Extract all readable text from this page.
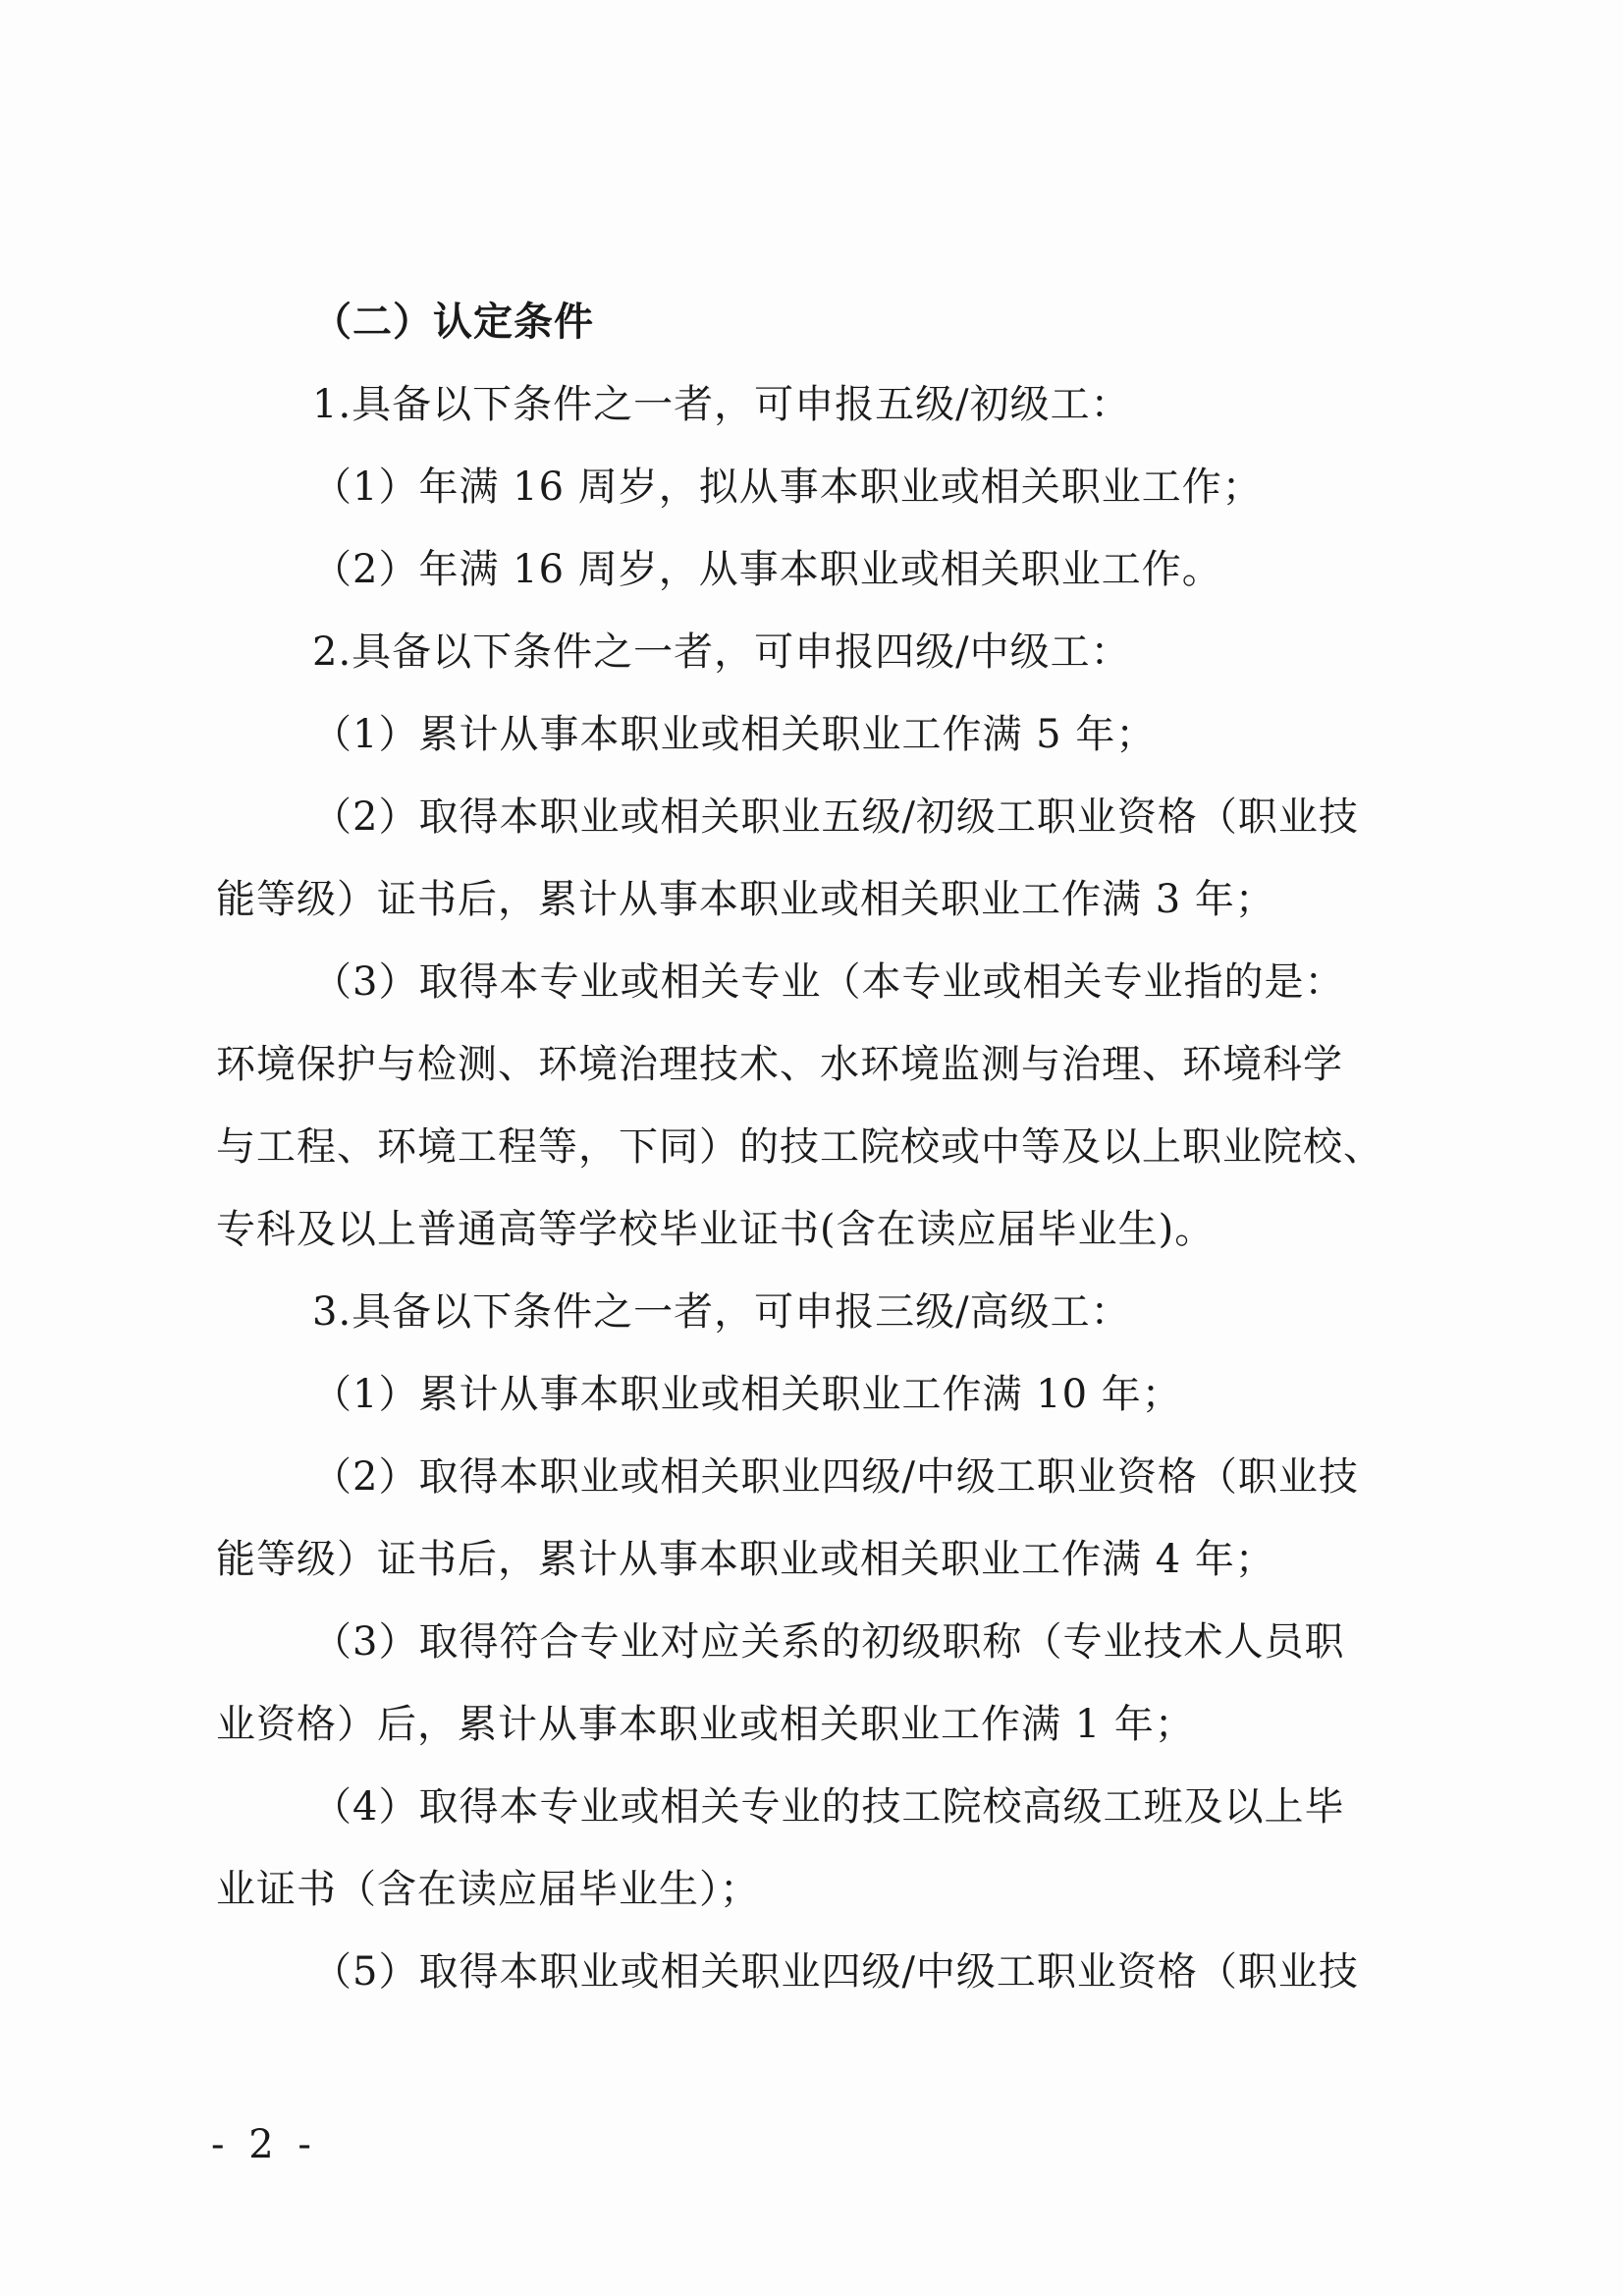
（二）认定条件
1.具备以下条件之一者，可申报五级/初级工：
（1）年满 16 周岁，拟从事本职业或相关职业工作；
（2）年满 16 周岁，从事本职业或相关职业工作。
2.具备以下条件之一者，可申报四级/中级工：
（1）累计从事本职业或相关职业工作满 5 年；
（2）取得本职业或相关职业五级/初级工职业资格（职业技
能等级）证书后，累计从事本职业或相关职业工作满 3 年；
（3）取得本专业或相关专业（本专业或相关专业指的是：
环境保护与检测、环境治理技术、水环境监测与治理、环境科学
与工程、环境工程等，下同）的技工院校或中等及以上职业院校、
专科及以上普通高等学校毕业证书(含在读应届毕业生)。
3.具备以下条件之一者，可申报三级/高级工：
（1）累计从事本职业或相关职业工作满 10 年；
（2）取得本职业或相关职业四级/中级工职业资格（职业技
能等级）证书后，累计从事本职业或相关职业工作满 4 年；
（3）取得符合专业对应关系的初级职称（专业技术人员职
业资格）后，累计从事本职业或相关职业工作满 1 年；
（4）取得本专业或相关专业的技工院校高级工班及以上毕
业证书（含在读应届毕业生）；
（5）取得本职业或相关职业四级/中级工职业资格（职业技
- 2 -
